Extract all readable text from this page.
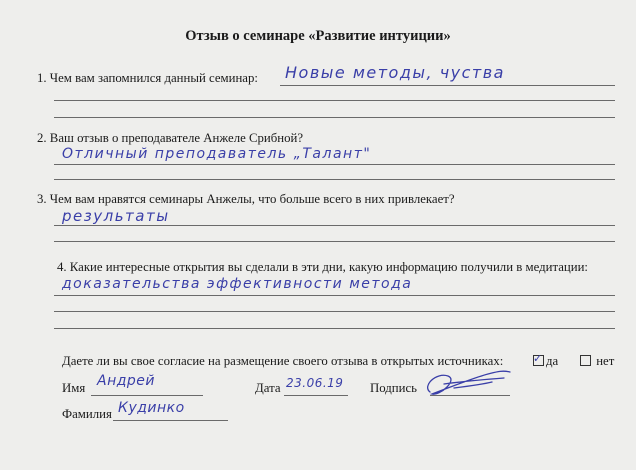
Отзыв о семинаре «Развитие интуиции»
1. Чем вам запомнился данный семинар: Новые методы, чуства
2. Ваш отзыв о преподавателе Анжеле Срибной?
Отличный преподаватель „Талант"
3. Чем вам нравятся семинары Анжелы, что больше всего в них привлекает?
результаты
4. Какие интересные открытия вы сделали в эти дни, какую информацию получили в медитации:
доказательства эффективности метода
Даете ли вы свое согласие на размещение своего отзыва в открытых источниках:	✓ да	нет
Имя Андрей	Дата 23.06.19 Подпись
Фамилия Кудинко
